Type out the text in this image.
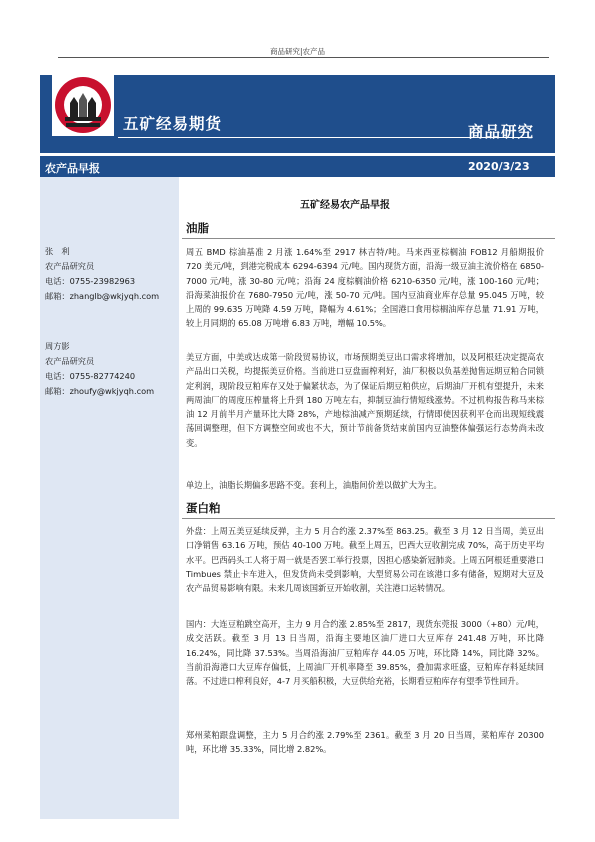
商品研究|农产品
五矿经易期货	商品研究
农产品早报	2020/3/23
张　利
农产品研究员
电话：0755-23982963
邮箱：zhanglb@wkjyqh.com
周方影
农产品研究员
电话：0755-82774240
邮箱：zhoufy@wkjyqh.com
五矿经易农产品早报
油脂

周五 BMD 棕油基准 2 月涨 1.64%至 2917 林吉特/吨。马来西亚棕榈油 FOB12 月船期报价 720 美元/吨，到港完税成本 6294-6394 元/吨。国内现货方面，沿海一级豆油主流价格在 6850-7000 元/吨，涨 30-80 元/吨；沿海 24 度棕榈油价格 6210-6350 元/吨，涨 100-160 元/吨；沿海菜油报价在 7680-7950 元/吨，涨 50-70 元/吨。国内豆油商业库存总量 95.045 万吨，较上周的 99.635 万吨降 4.59 万吨，降幅为 4.61%；全国港口食用棕榈油库存总量 71.91 万吨，较上月同期的 65.08 万吨增 6.83 万吨，增幅 10.5%。

美豆方面，中美或达成第一阶段贸易协议，市场预期美豆出口需求将增加，以及阿根廷决定提高农产品出口关税，均提振美豆价格。当前进口豆盘面榨利好，油厂积极以负基差抛售远期豆粕合同锁定利润，现阶段豆粕库存又处于偏紧状态，为了保证后期豆粕供应，后期油厂开机有望提升，未来两周油厂的周度压榨量将上升到 180 万吨左右，抑制豆油行情短线涨势。不过机构报告称马来棕油 12 月前半月产量环比大降 28%，产地棕油减产预期延续，行情即使因获利平仓而出现短线震荡回调整理，但下方调整空间或也不大，预计节前备货结束前国内豆油整体偏强运行态势尚未改变。

单边上，油脂长期偏多思路不变。套利上，油脂间价差以做扩大为主。

蛋白粕

外盘：上周五美豆延续反弹，主力 5 月合约涨 2.37%至 863.25。截至 3 月 12 日当周，美豆出口净销售 63.16 万吨，预估 40-100 万吨。截至上周五，巴西大豆收割完成 70%，高于历史平均水平。巴西码头工人将于周一就是否罢工举行投票，因担心感染新冠肺炎。上周五阿根廷重要港口 Timbues 禁止卡车进入，但发货尚未受到影响，大型贸易公司在该港口多有储备，短期对大豆及农产品贸易影响有限。未来几周该国新豆开始收割，关注港口运转情况。

国内：大连豆粕跳空高开，主力 9 月合约涨 2.85%至 2817，现货东莞报 3000（+80）元/吨，成交活跃。截至 3 月 13 日当周，沿海主要地区油厂进口大豆库存 241.48 万吨，环比降 16.24%，同比降 37.53%。当周沿海油厂豆粕库存 44.05 万吨，环比降 14%，同比降 32%。当前沿海港口大豆库存偏低，上周油厂开机率降至 39.85%，叠加需求旺盛，豆粕库存料延续回落。不过进口榨利良好，4-7 月买船积极，大豆供给充裕，长期看豆粕库存有望季节性回升。

郑州菜粕跟盘调整，主力 5 月合约涨 2.79%至 2361。截至 3 月 20 日当周，菜粕库存 20300 吨，环比增 35.33%，同比增 2.82%。
